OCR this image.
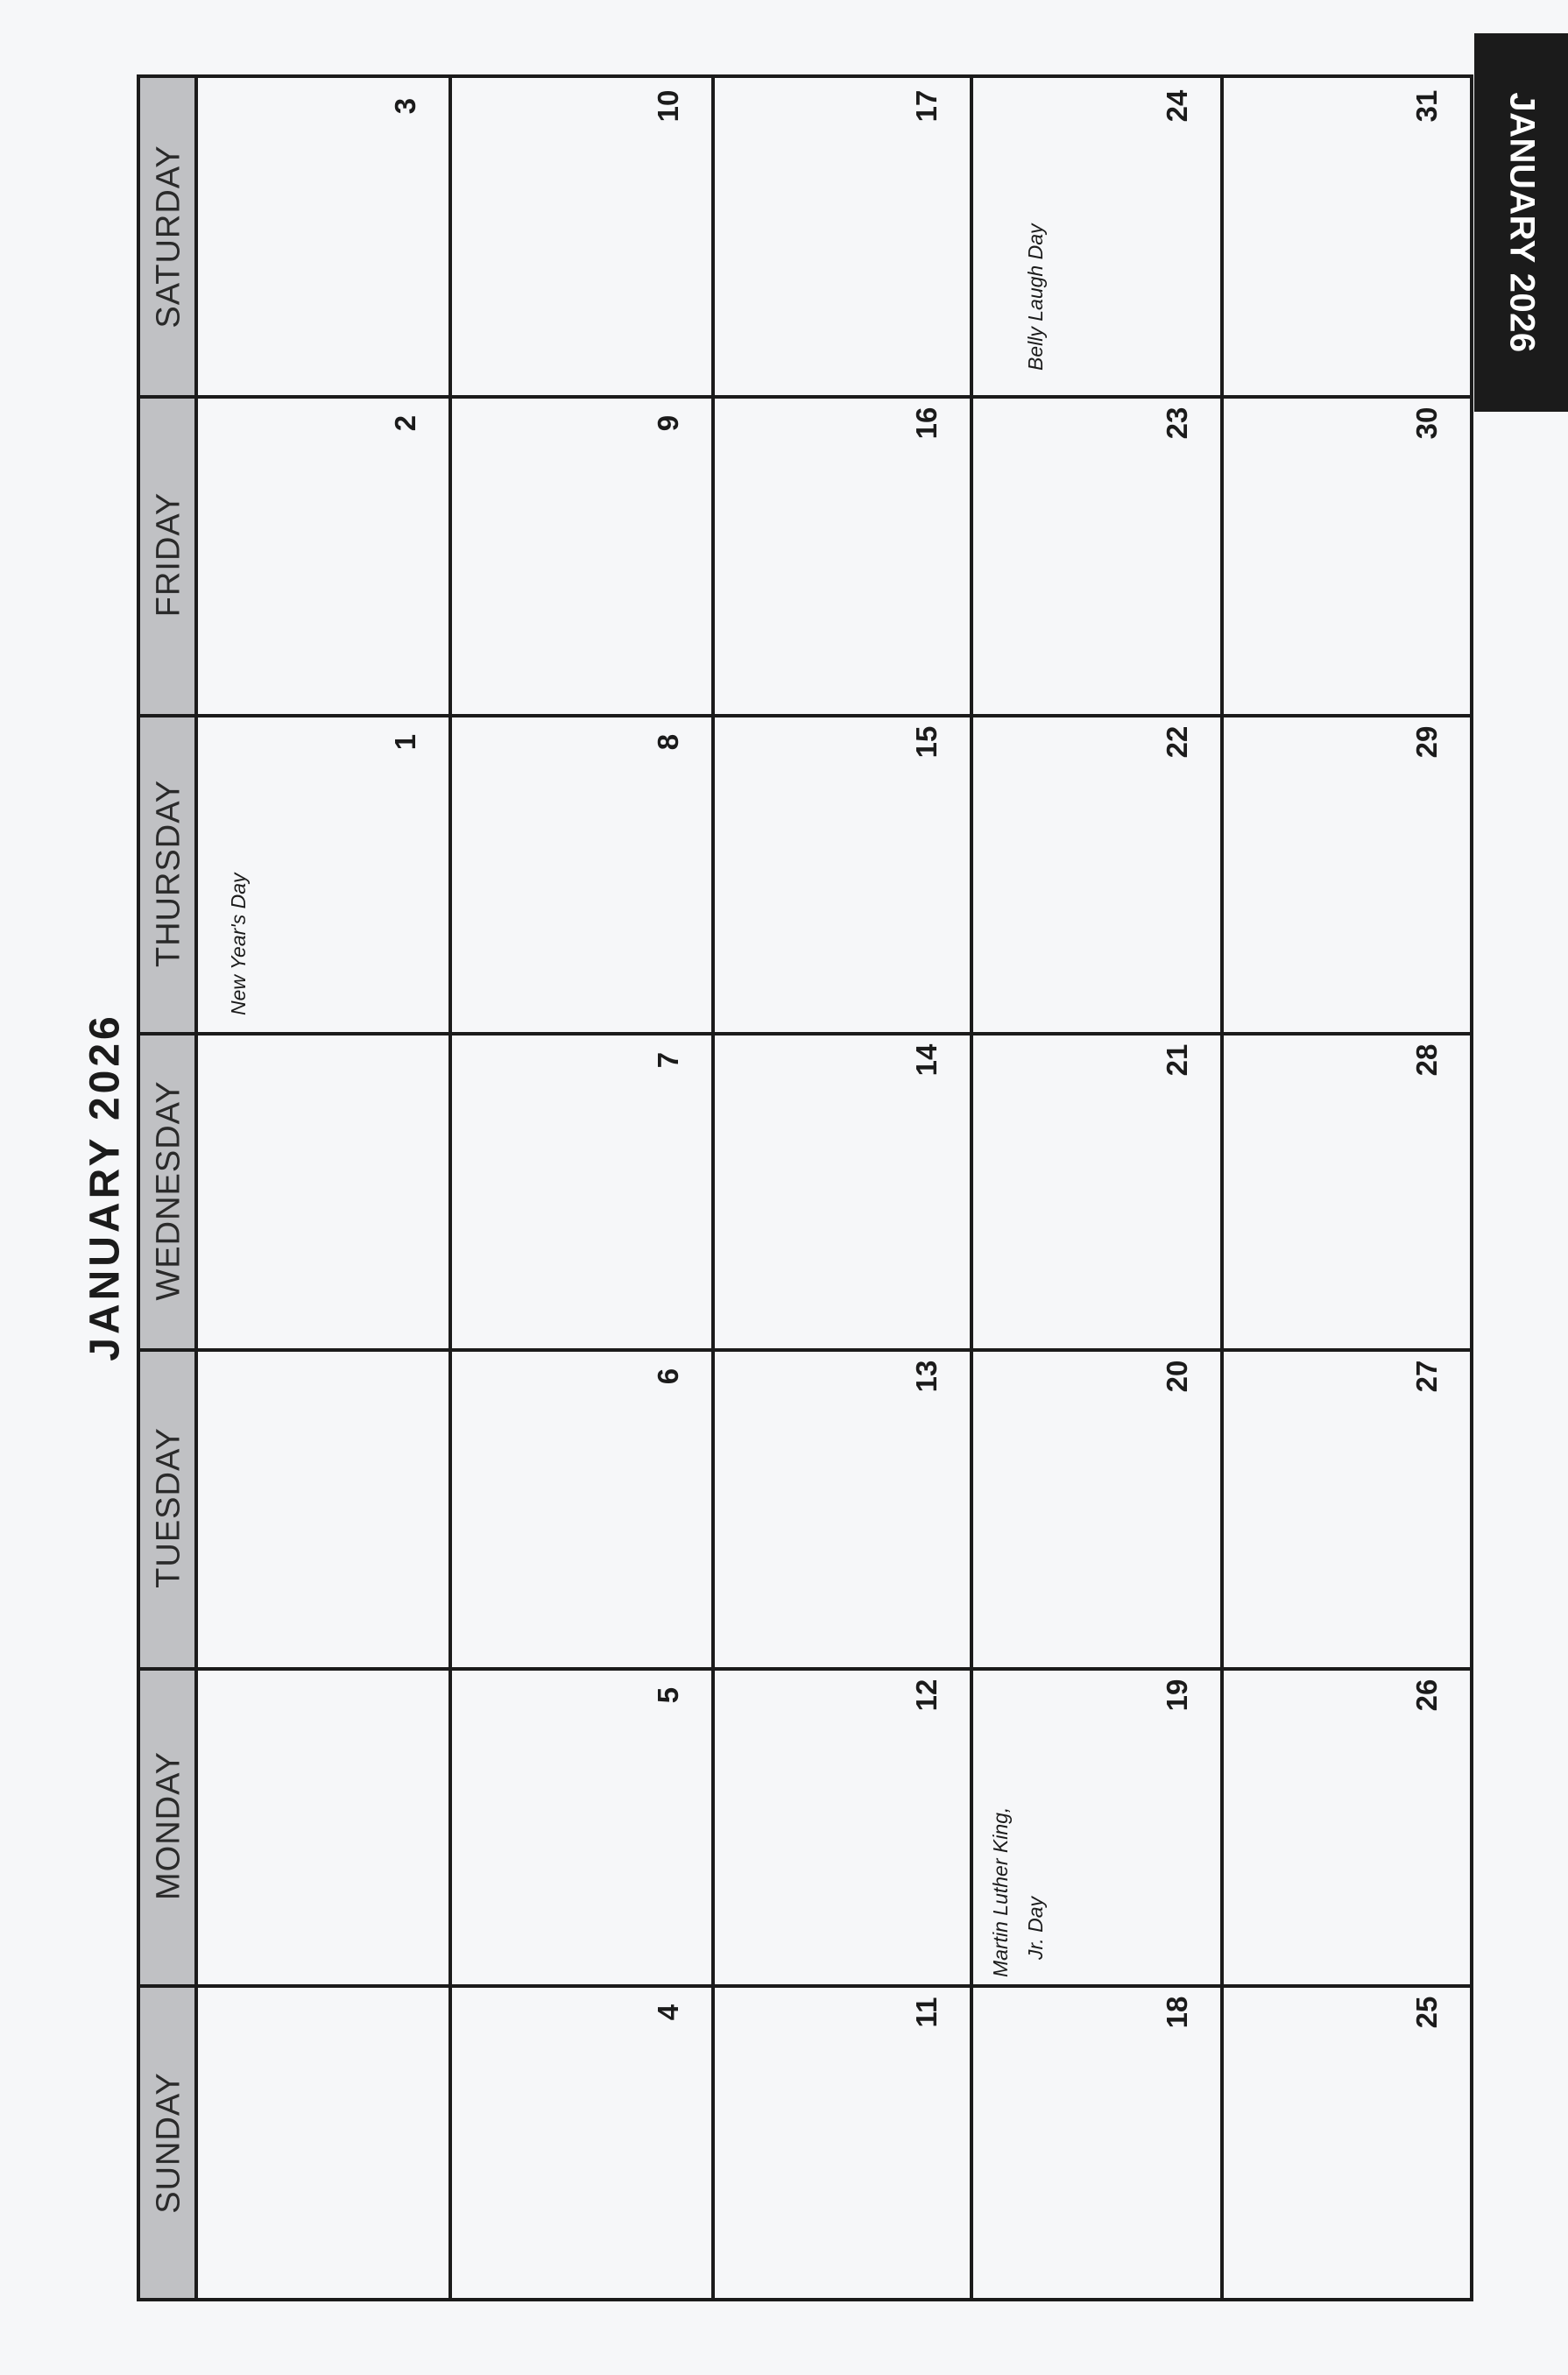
JANUARY 2026
JANUARY 2026
SATURDAY
FRIDAY
THURSDAY
WEDNESDAY
TUESDAY
MONDAY
SUNDAY
1
2
3
4
5
6
7
8
9
10
11
12
13
14
15
16
17
18
19
20
21
22
23
24
25
26
27
28
29
30
31
New Year's Day
Martin Luther King, Jr. Day
Belly Laugh Day
